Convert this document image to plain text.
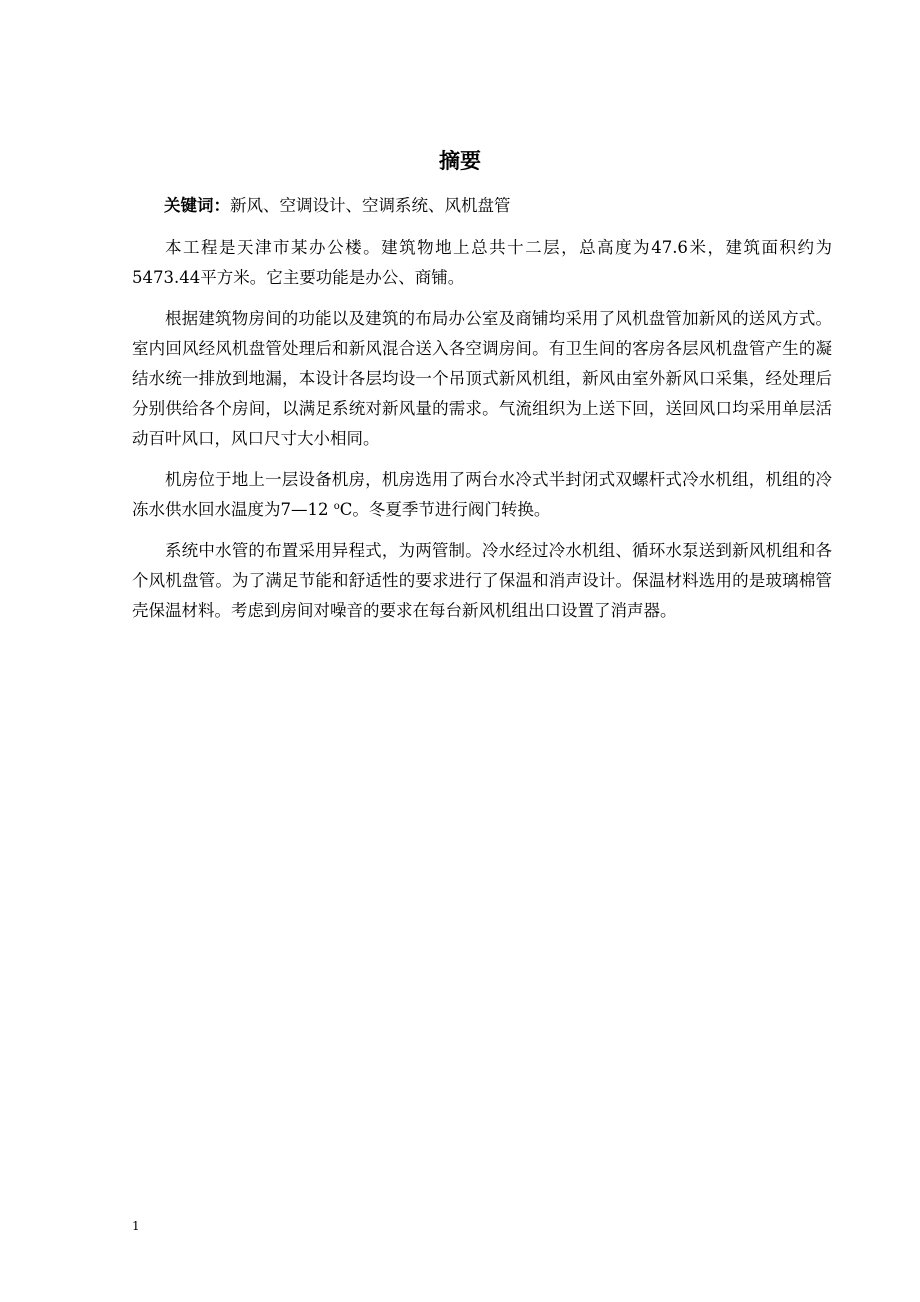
摘要

关键词：新风、空调设计、空调系统、风机盘管

本工程是天津市某办公楼。建筑物地上总共十二层，总高度为47.6米，建筑面积约为5473.44平方米。它主要功能是办公、商铺。

根据建筑物房间的功能以及建筑的布局办公室及商铺均采用了风机盘管加新风的送风方式。室内回风经风机盘管处理后和新风混合送入各空调房间。有卫生间的客房各层风机盘管产生的凝结水统一排放到地漏，本设计各层均设一个吊顶式新风机组，新风由室外新风口采集，经处理后分别供给各个房间，以满足系统对新风量的需求。气流组织为上送下回，送回风口均采用单层活动百叶风口，风口尺寸大小相同。

机房位于地上一层设备机房，机房选用了两台水冷式半封闭式双螺杆式冷水机组，机组的冷冻水供水回水温度为7—12 $^o$C。冬夏季节进行阀门转换。

系统中水管的布置采用异程式，为两管制。冷水经过冷水机组、循环水泵送到新风机组和各个风机盘管。为了满足节能和舒适性的要求进行了保温和消声设计。保温材料选用的是玻璃棉管壳保温材料。考虑到房间对噪音的要求在每台新风机组出口设置了消声器。

1
